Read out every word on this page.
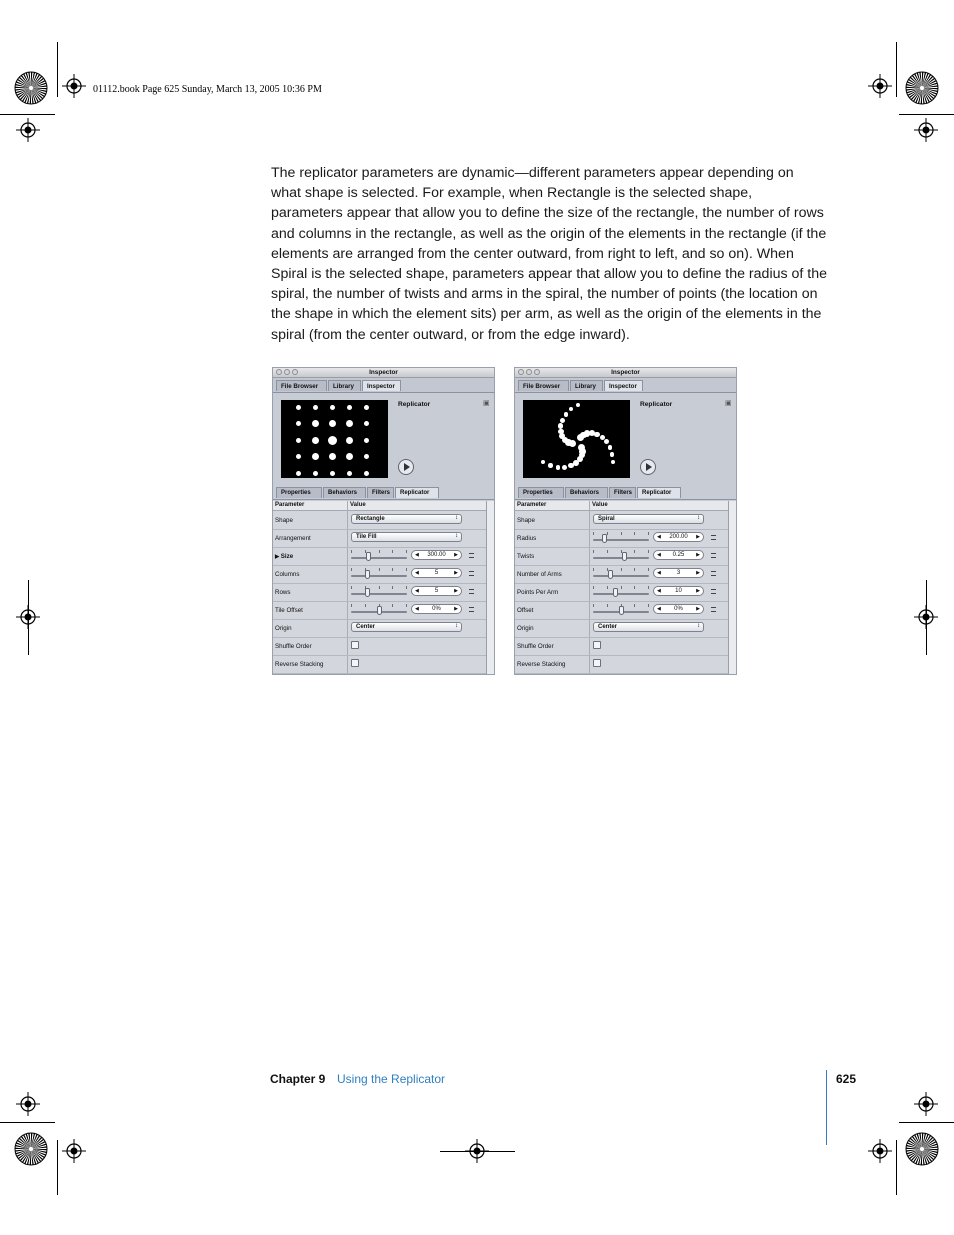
01112.book Page 625 Sunday, March 13, 2005 10:36 PM

The replicator parameters are dynamic—different parameters appear depending on what shape is selected. For example, when Rectangle is the selected shape, parameters appear that allow you to define the size of the rectangle, the number of rows and columns in the rectangle, as well as the origin of the elements in the rectangle (if the elements are arranged from the center outward, from right to left, and so on). When Spiral is the selected shape, parameters appear that allow you to define the radius of the spiral, the number of twists and arms in the spiral, the number of points (the location on the shape in which the element sits) per arm, as well as the origin of the elements in the spiral (from the center outward, or from the edge inward).

Inspector
File Browser	Library	Inspector
Replicator	▣
Properties	Behaviors	Filters	Replicator
Parameter	Value
Shape	Rectangle	↕
Arrangement	Tile Fill	↕
▶ Size	◀	300.00	▶
Columns	◀	5	▶
Rows	◀	5	▶
Tile Offset	◀	0%	▶
Origin	Center	↕
Shuffle Order
Reverse Stacking
Inspector
File Browser	Library	Inspector
Replicator	▣
Properties	Behaviors	Filters	Replicator
Parameter	Value
Shape	Spiral	↕
Radius	◀	200.00	▶
Twists	◀	0.25	▶
Number of Arms	◀	3	▶
Points Per Arm	◀	10	▶
Offset	◀	0%	▶
Origin	Center	↕
Shuffle Order
Reverse Stacking
Chapter 9 Using the Replicator	625
